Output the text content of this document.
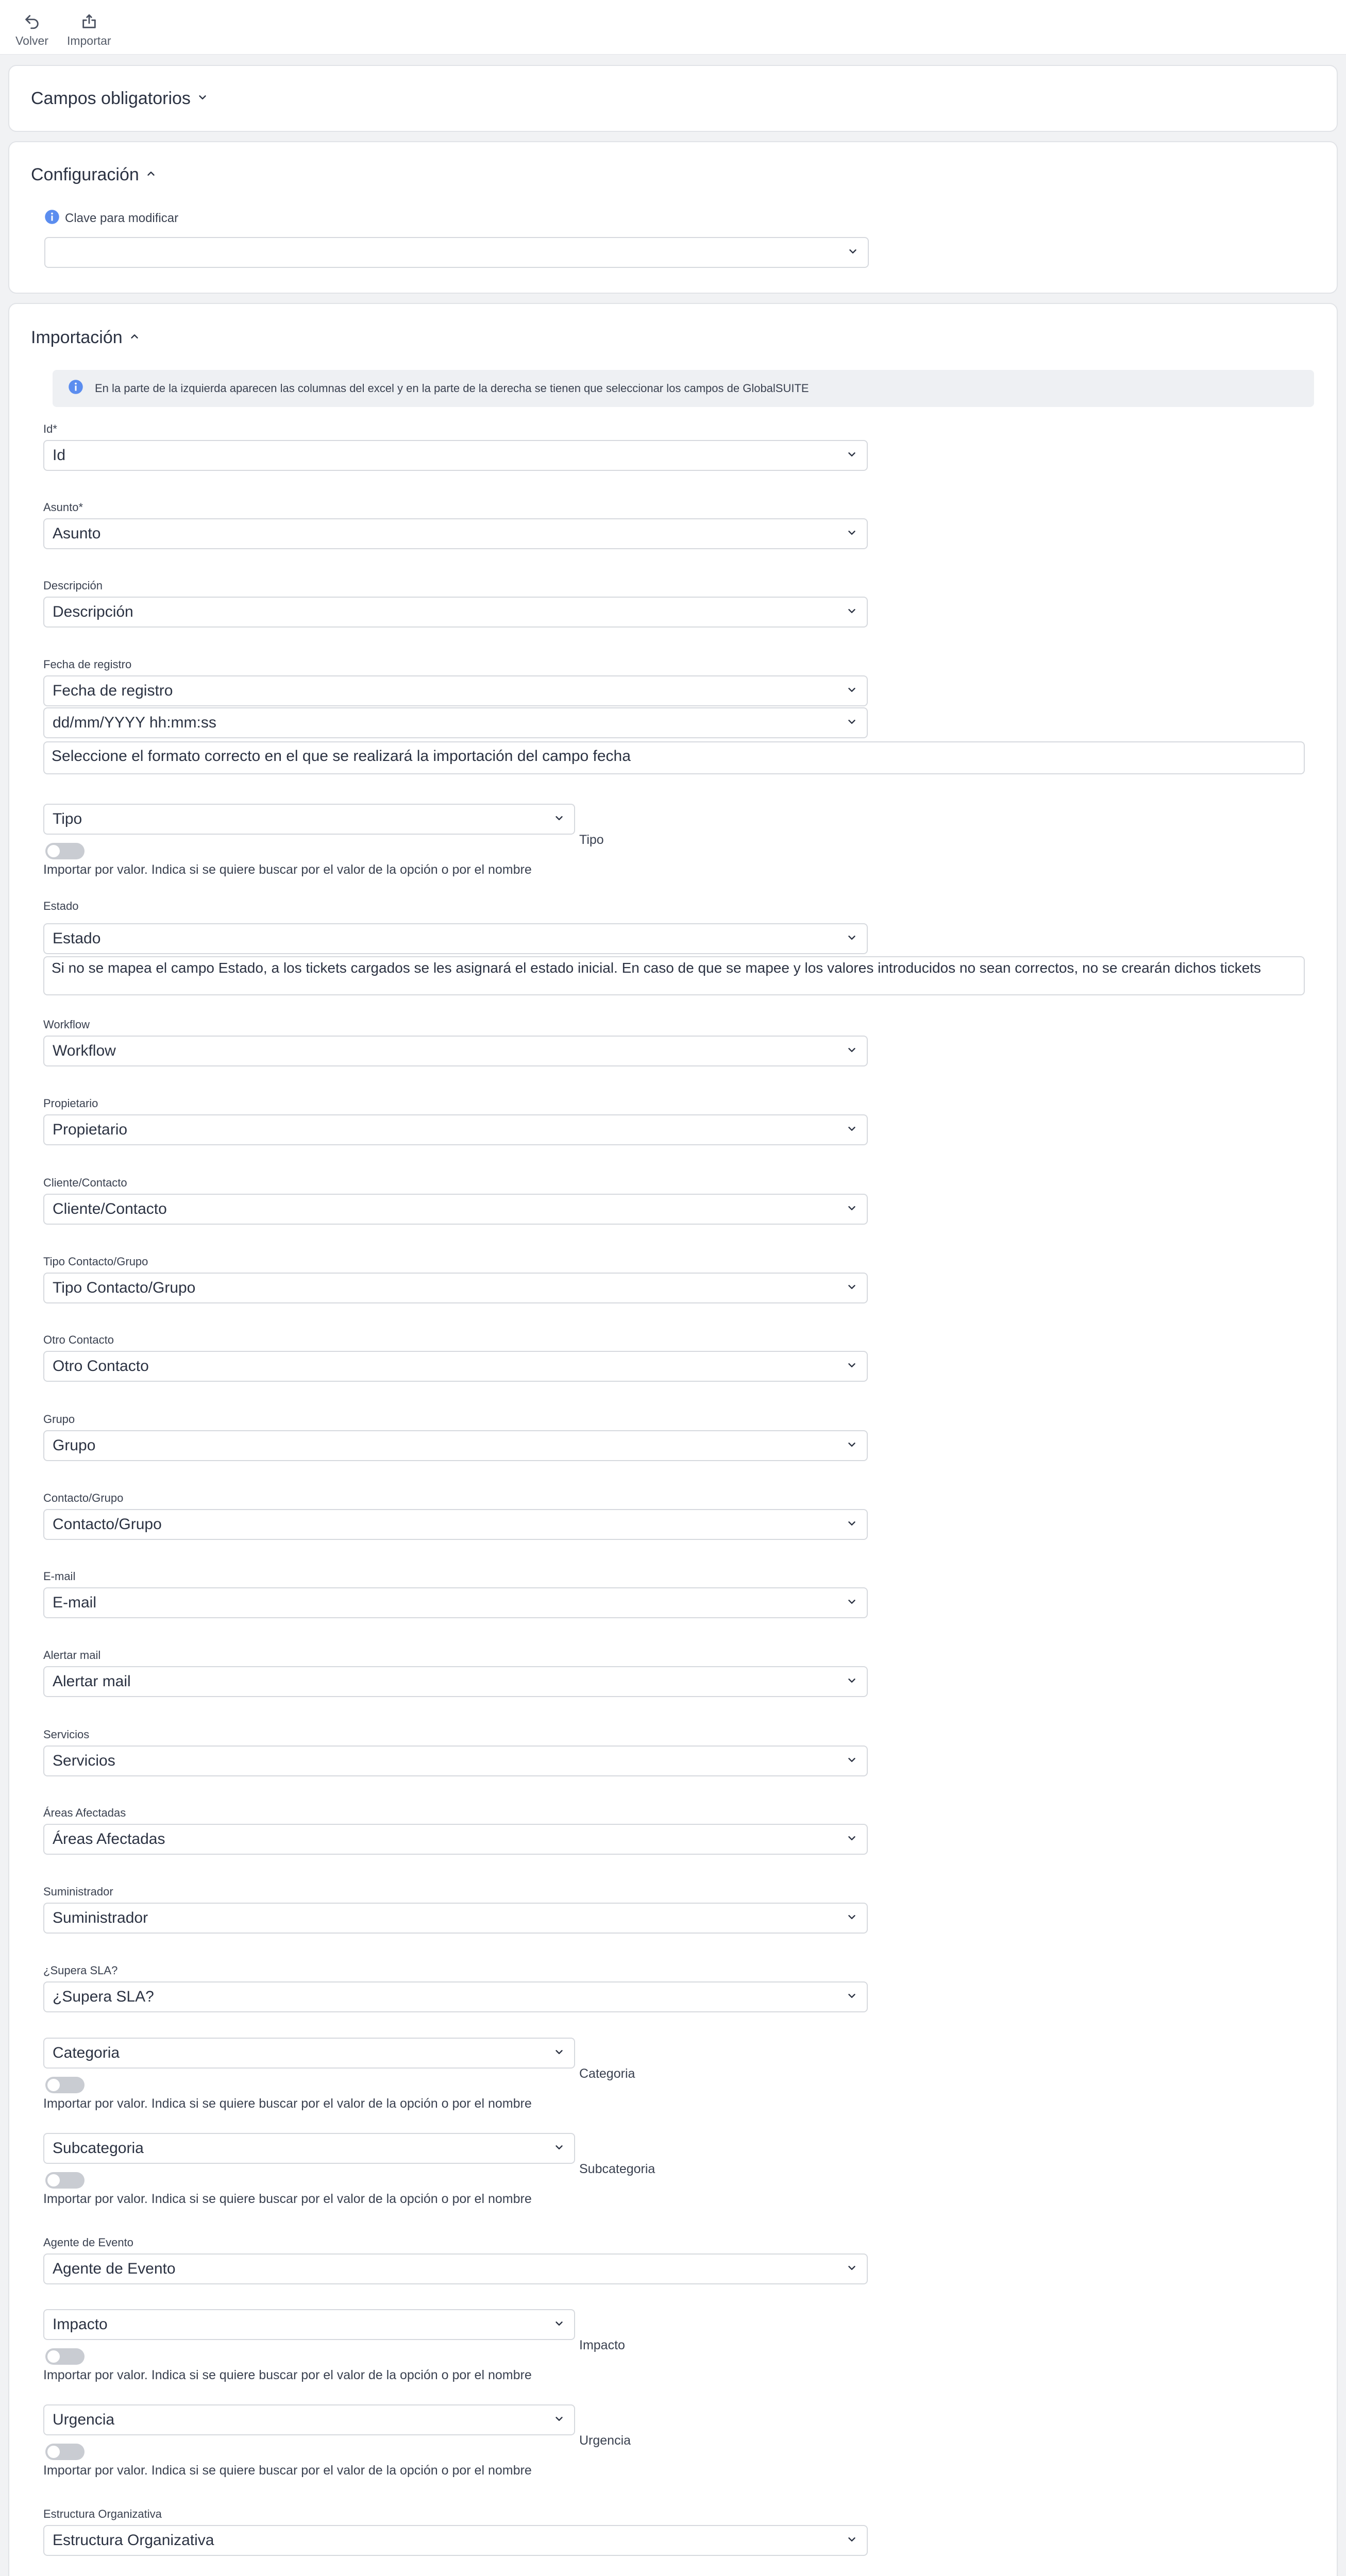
Volver Importar
Campos obligatorios
Configuración
Clave para modificar
Importación
En la parte de la izquierda aparecen las columnas del excel y en la parte de la derecha se tienen que seleccionar los campos de GlobalSUITE
Id*
Id
Asunto*
Asunto
Descripción
Descripción
Workflow
Workflow
Propietario
Propietario
Cliente/Contacto
Cliente/Contacto
Tipo Contacto/Grupo
Tipo Contacto/Grupo
Otro Contacto
Otro Contacto
Grupo
Grupo
Contacto/Grupo
Contacto/Grupo
E-mail
E-mail
Alertar mail
Alertar mail
Servicios
Servicios
Áreas Afectadas
Áreas Afectadas
Suministrador
Suministrador
¿Supera SLA?
¿Supera SLA?
Agente de Evento
Agente de Evento
Estructura Organizativa
Estructura Organizativa
Fecha de registro
Fecha de registro
dd/mm/YYYY hh:mm:ss
Seleccione el formato correcto en el que se realizará la importación del campo fecha
Estado
Estado
Si no se mapea el campo Estado, a los tickets cargados se les asignará el estado inicial. En caso de que se mapee y los valores introducidos no sean correctos, no se crearán dichos tickets
Tipo
Tipo
Importar por valor. Indica si se quiere buscar por el valor de la opción o por el nombre
Categoria
Categoria
Importar por valor. Indica si se quiere buscar por el valor de la opción o por el nombre
Subcategoria
Subcategoria
Importar por valor. Indica si se quiere buscar por el valor de la opción o por el nombre
Impacto
Impacto
Importar por valor. Indica si se quiere buscar por el valor de la opción o por el nombre
Urgencia
Urgencia
Importar por valor. Indica si se quiere buscar por el valor de la opción o por el nombre
